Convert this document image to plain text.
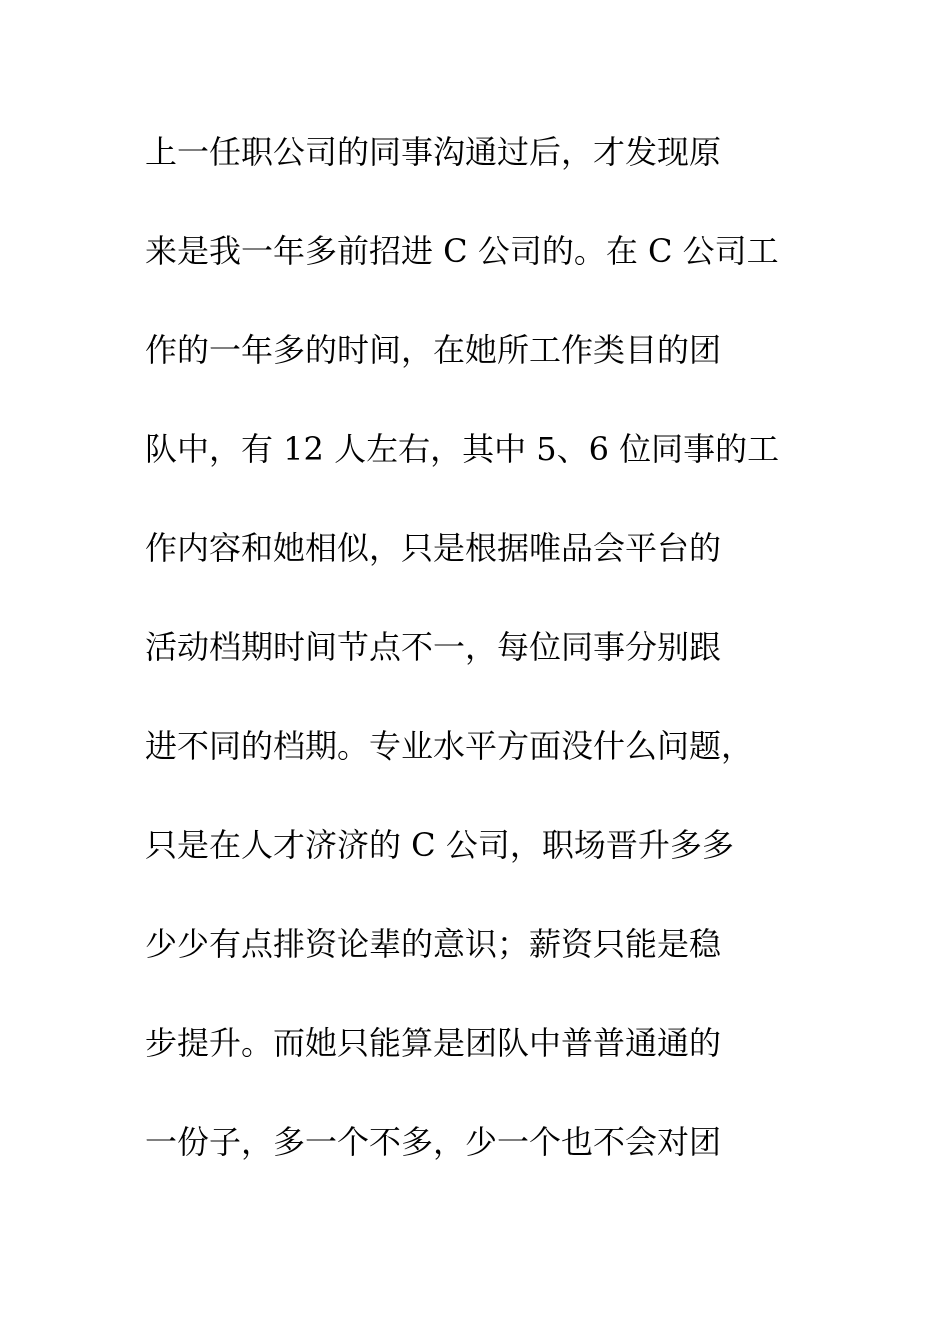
上一任职公司的同事沟通过后，才发现原
来是我一年多前招进 C 公司的。在 C 公司工
作的一年多的时间，在她所工作类目的团
队中，有 12 人左右，其中 5、6 位同事的工
作内容和她相似，只是根据唯品会平台的
活动档期时间节点不一，每位同事分别跟
进不同的档期。专业水平方面没什么问题，
只是在人才济济的 C 公司，职场晋升多多
少少有点排资论辈的意识；薪资只能是稳
步提升。而她只能算是团队中普普通通的
一份子，多一个不多，少一个也不会对团
